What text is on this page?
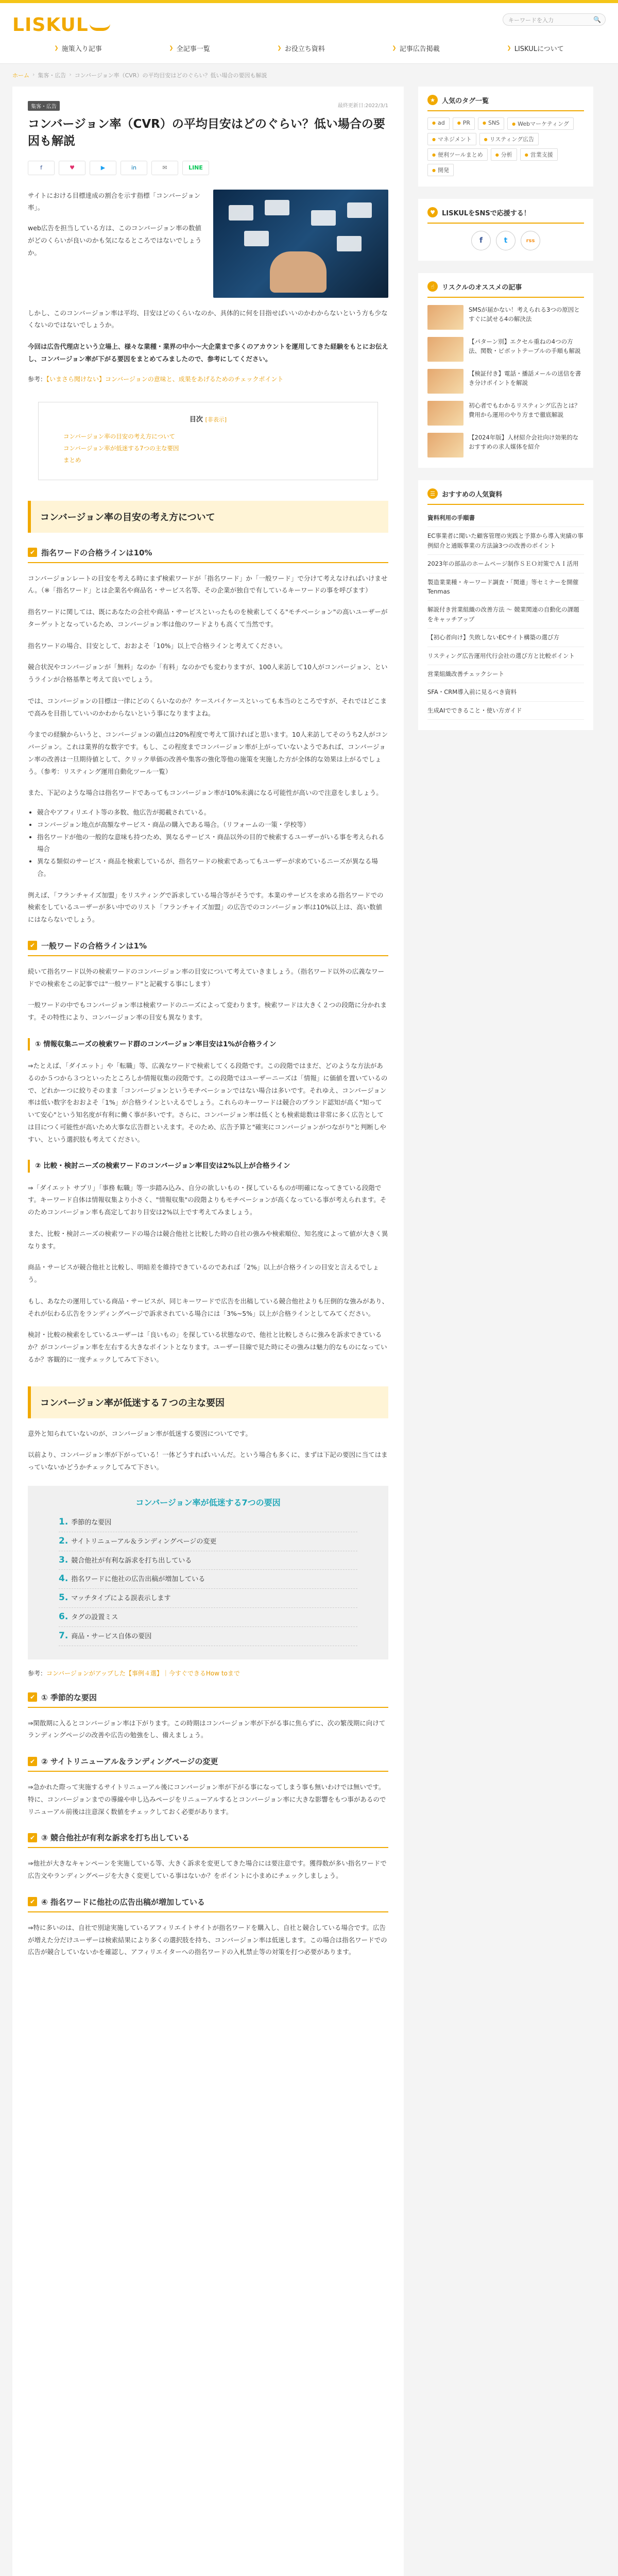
LISKUL	キーワードを入力	🔍
❯ 施策入り記事	❯ 全記事一覧	❯ お役立ち資料	❯ 記事広告掲載	❯ LISKULについて
ホーム › 集客・広告 › コンバージョン率（CVR）の平均目安はどのぐらい？低い場合の要因も解説
集客・広告	最終更新日:2022/3/1
コンバージョン率（CVR）の平均目安はどのぐらい？低い場合の要因も解説
f	♥	▶	in	✉	LINE

サイトにおける目標達成の割合を示す指標「コンバージョン率」。

web広告を担当している方は、このコンバージョン率の数値がどのくらいが良いのかも気になるところではないでしょうか。

しかし、このコンバージョン率は平均、目安はどのくらいなのか、具体的に何を目指せばいいのかわからないという方も少なくないのではないでしょうか。

今回は広告代理店という立場上、様々な業種・業界の中小～大企業まで多くのアカウントを運用してきた経験をもとにお伝えし、コンバージョン率が下がる要因をまとめてみましたので、参考にしてください。

参考：【いまさら聞けない】コンバージョンの意味と、成果をあげるためのチェックポイント

目次 [非表示]
コンバージョン率の目安の考え方について
コンバージョン率が低迷する7つの主な要因
まとめ
コンバージョン率の目安の考え方について
✔ 指名ワードの合格ラインは10%

コンバージョンレートの目安を考える時にまず検索ワードが「指名ワード」か「一般ワード」で分けて考えなければいけません。（※「指名ワード」とは企業名や商品名・サービス名等、その企業が独自で有しているキーワードの事を呼びます）

指名ワードに関しては、既にあなたの会社や商品・サービスといったものを検索してくる"モチベーション"の高いユーザーがターゲットとなっているため、コンバージョン率は他のワードよりも高くて当然です。

指名ワードの場合、目安として、おおよそ「10%」以上で合格ラインと考えてください。

競合状況やコンバージョンが「無料」なのか「有料」なのかでも変わりますが、100人来訪して10人がコンバージョン、というラインが合格基準と考えて良いでしょう。

では、コンバージョンの目標は一律にどのくらいなのか？ケースバイケースといっても本当のところですが、それではどこまで高みを目指していいのかわからないという事になりますよね。

今までの経験からいうと、コンバージョンの顕点は20%程度で考えて頂ければと思います。10人来訪してそのうち2人がコンバージョン。これは業界的な数字です。もし、この程度までコンバージョン率が上がっていないようであれば、コンバージョン率の改善は一旦期待値として、クリック単価の改善や集客の強化等他の施策を実施した方が全体的な効果は上がるでしょう。（参考：リスティング運用自動化ツール一覧）

また、下記のような場合は指名ワードであってもコンバージョン率が10%未満になる可能性が高いので注意をしましょう。

• 競合やアフィリエイト等の多数、他広告が掲載されている。
• コンバージョン地点が高額なサービス・商品の購入である場合。（リフォームの一策・学校等）
• 指名ワードが他の一般的な意味も持つため、異なるサービス・商品以外の目的で検索するユーザーがいる事を考えられる場合
• 異なる類似のサービス・商品を検索しているが、指名ワードの検索であってもユーザーが求めているニーズが異なる場合。

例えば、「フランチャイズ加盟」をリスティングで訴求している場合等がそうです。本業のサービスを求める指名ワードでの検索をしているユーザーが多い中でのリスト「フランチャイズ加盟」の広告でのコンバージョン率は10%以上は、高い数値にはならないでしょう。

✔ 一般ワードの合格ラインは1%

続いて指名ワード以外の検索ワードのコンバージョン率の目安について考えていきましょう。（指名ワード以外の広義なワードでの検索をこの記事では"一般ワード"と記載する事にします）

一般ワードの中でもコンバージョン率は検索ワードのニーズによって変わります。検索ワードは大きく２つの段階に分かれます。その特性により、コンバージョン率の目安も異なります。

① 情報収集ニーズの検索ワード群のコンバージョン率目安は1%が合格ライン

⇒たとえば、「ダイエット」や「転職」等、広義なワードで検索してくる段階です。この段階ではまだ、どのような方法があるのか５つから３つといったところしか情報収集の段階です。この段階ではユーザーニーズは「情報」に価値を置いているので、どれかーつに絞りそのまま「コンバージョンというモチベーションではない場合は多いです。それゆえ、コンバージョン率は低い数字をおおよそ「1%」が合格ラインといえるでしょう。これらのキーワードは競合のブランド認知が高く"知っていて安心"という知名度が有利に働く事が多いです。さらに、コンバージョン率は低くとも検索総数は非常に多く広告としては目につく可能性が高いため大事な広告群といえます。そのため、広告予算と"確実にコンバージョンがつながり"と判断しやすい、という選択肢も考えてください。

② 比較・検討ニーズの検索ワードのコンバージョン率目安は2%以上が合格ライン

⇒「ダイエット サプリ」「事務 転職」等一歩踏み込み、自分の欲しいもの・探しているものが明確になってきている段階です。キーワード自体は情報収集より小さく、"情報収集"の段階よりもモチベーションが高くなっている事が考えられます。そのためコンバージョン率も高定しており目安は2%以上です考えてみましょう。

また、比較・検討ニーズの検索ワードの場合は競合他社と比較した時の自社の強みや検索順位、知名度によって値が大きく異なります。

商品・サービスが競合他社と比較し、明暗差を維持できているのであれば「2%」以上が合格ラインの目安と言えるでしょう。

もし、あなたの運用している商品・サービスが、同じキーワードで広告を出稿している競合他社よりも圧倒的な強みがあり、それが伝わる広告をランディングページで訴求されている場合には「3%~5%」以上が合格ラインとしてみてください。

検討・比較の検索をしているユーザーは「良いもの」を探している状態なので、他社と比較しさらに強みを訴求できているか？がコンバージョン率を左右する大きなポイントとなります。ユーザー目線で見た時にその強みは魅力的なものになっているか？客観的に一度チェックしてみて下さい。

コンバージョン率が低迷する７つの主な要因

意外と知られていないのが、コンバージョン率が低迷する要因についてです。

以前より、コンバージョン率が下がっている！一体どうすればいいんだ。という場合も多くに、まずは下記の要因に当てはまっていないかどうかチェックしてみて下さい。

コンバージョン率が低迷する7つの要因
1. 季節的な要因
2. サイトリニューアル＆ランディングページの変更
3. 競合他社が有利な訴求を打ち出している
4. 指名ワードに他社の広告出稿が増加している
5. マッチタイプによる誤表示します
6. タグの設置ミス
7. 商品・サービス自体の要因

参考：コンバージョンがアップした【事例４選】｜今すぐできるHow toまで

✔ ① 季節的な要因

⇒閑散期に入るとコンバージョン率は下がります。この時期はコンバージョン率が下がる事に焦らずに、次の繁茂期に向けてランディングページの改善や広告の勉強をし、備えましょう。

✔ ② サイトリニューアル＆ランディングページの変更

⇒急かれた際って実施するサイトリニューアル後にコンバージョン率が下がる事になってしまう事も無いわけでは無いです。特に、コンバージョンまでの導線や申し込みページをリニューアルするとコンバージョン率に大きな影響をもつ事があるのでリニューアル前後は注意深く数値をチェックしておく必要があります。

✔ ③ 競合他社が有利な訴求を打ち出している

⇒他社が大きなキャンペーンを実施している等、大きく訴求を変更してきた場合には要注意です。獲得数が多い指名ワードで広告文やランディングページを大きく変更している事はないか？をポイントに小まめにチェックしましょう。

✔ ④ 指名ワードに他社の広告出稿が増加している

⇒特に多いのは、自社で別途実施しているアフィリエイトサイトが指名ワードを購入し、自社と競合している場合です。広告が増えた分だけユーザーは検索結果により多くの選択肢を持ち、コンバージョン率は低迷します。この場合は指名ワードでの広告が競合していないかを確認し、アフィリエイターへの指名ワードの入札禁止等の対策を打つ必要があります。

★	人気のタグ一覧
● ad	● PR	● SNS	● Webマーケティング
● マネジメント	● リスティング広告
● 便利ツールまとめ	● 分析	● 営業支援
● 開発
♥	LISKULをSNSで応援する！
f	t	rss
☝	リスクルのオススメの記事
SMSが届かない！考えられる3つの原因とすぐに試せる4の解決法
【パターン別】エクセル重ねの4つの方法、関数・ピボットテーブルの手順も解説
【検証付き】電話・播話メールの送信を書き分けポイントを解説
初心者でもわかるリスティング広告とは？費用から運用のやり方まで徹底解説
【2024年版】人材紹介会社向け効果的なおすすめの求人媒体を紹介
☰	おすすめの人気資料
資料利用の手順書
EC事業者に聞いた顧客管理の実践と予算から導入実績の事例紹介と通販事業の方法論3つの改善のポイント
2023年の部品のホームページ制作ＳＥＯ対策でＡＩ活用
製造業業種・キーワード調査・「関連」等セミナーを開催 Tenmas
解説付き営業組織の改善方法 ～ 競業関連の自動化の課題をキャッチアップ
【初心者向け】失敗しないECサイト構築の選び方
リスティング広告運用代行会社の選び方と比較ポイント
営業組織改善チェックシート
SFA・CRM導入前に見るべき資料
生成AIでできること・使い方ガイド
